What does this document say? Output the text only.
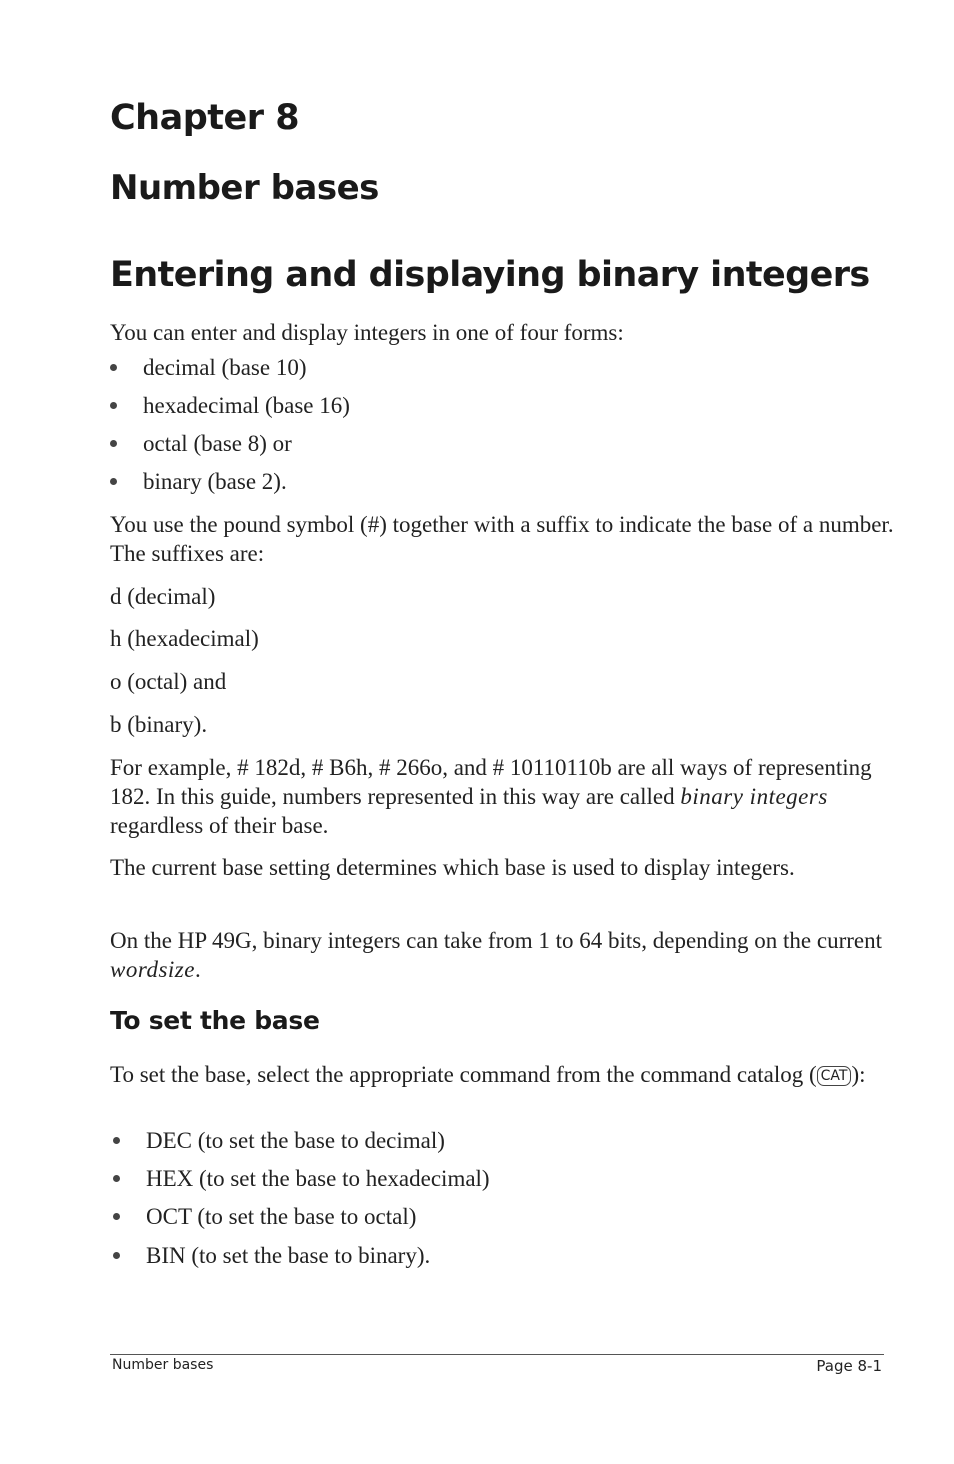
Chapter 8
Number bases
Entering and displaying binary integers

You can enter and display integers in one of four forms:

decimal (base 10)
hexadecimal (base 16)
octal (base 8) or
binary (base 2).

You use the pound symbol (#) together with a suffix to indicate the base of a number. The suffixes are:

d (decimal)

h (hexadecimal)

o (octal) and

b (binary).

For example, # 182d, # B6h, # 266o, and # 10110110b are all ways of representing 182. In this guide, numbers represented in this way are called binary integers regardless of their base.

The current base setting determines which base is used to display integers.

On the HP 49G, binary integers can take from 1 to 64 bits, depending on the current wordsize.

To set the base

To set the base, select the appropriate command from the command catalog ( CAT ):

DEC (to set the base to decimal)
HEX (to set the base to hexadecimal)
OCT (to set the base to octal)
BIN (to set the base to binary).
Number bases	Page 8-1
